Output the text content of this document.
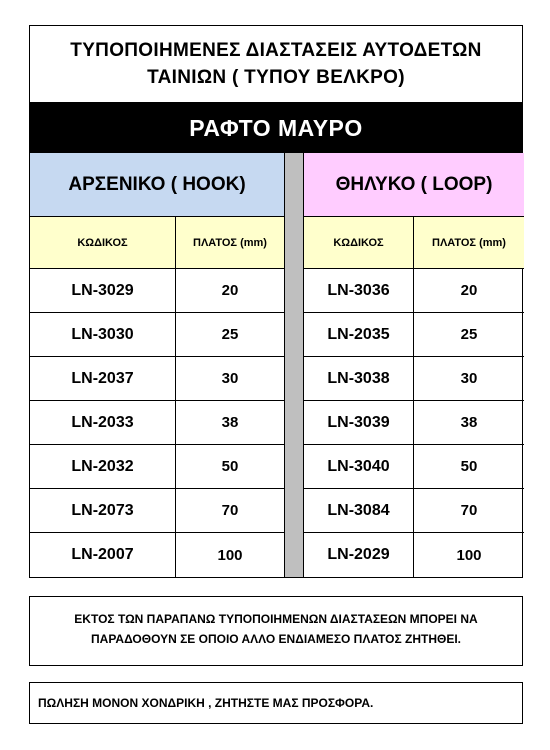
ΤΥΠΟΠΟΙΗΜΕΝΕΣ ΔΙΑΣΤΑΣΕΙΣ ΑΥΤΟΔΕΤΩΝ
ΤΑΙΝΙΩΝ ( ΤΥΠΟΥ ΒΕΛΚΡΟ)
ΡΑΦΤΟ ΜΑΥΡΟ
ΑΡΣΕΝΙΚΟ ( HOOK)	ΘΗΛΥΚΟ ( LOOP)
ΚΩΔΙΚΟΣ	ΠΛΑΤΟΣ (mm)	ΚΩΔΙΚΟΣ	ΠΛΑΤΟΣ (mm)
LN-3029	20	LN-3036	20
LN-3030	25	LN-2035	25
LN-2037	30	LN-3038	30
LN-2033	38	LN-3039	38
LN-2032	50	LN-3040	50
LN-2073	70	LN-3084	70
LN-2007	100	LN-2029	100
ΕΚΤΟΣ ΤΩΝ ΠΑΡΑΠΑΝΩ ΤΥΠΟΠΟΙΗΜΕΝΩΝ ΔΙΑΣΤΑΣΕΩΝ ΜΠΟΡΕΙ ΝΑ ΠΑΡΑΔΟΘΟΥΝ ΣΕ ΟΠΟΙΟ ΑΛΛΟ ΕΝΔΙΑΜΕΣΟ ΠΛΑΤΟΣ ΖΗΤΗΘΕΙ.
ΠΩΛΗΣΗ ΜΟΝΟΝ ΧΟΝΔΡΙΚΗ , ΖΗΤΗΣΤΕ ΜΑΣ ΠΡΟΣΦΟΡΑ.
